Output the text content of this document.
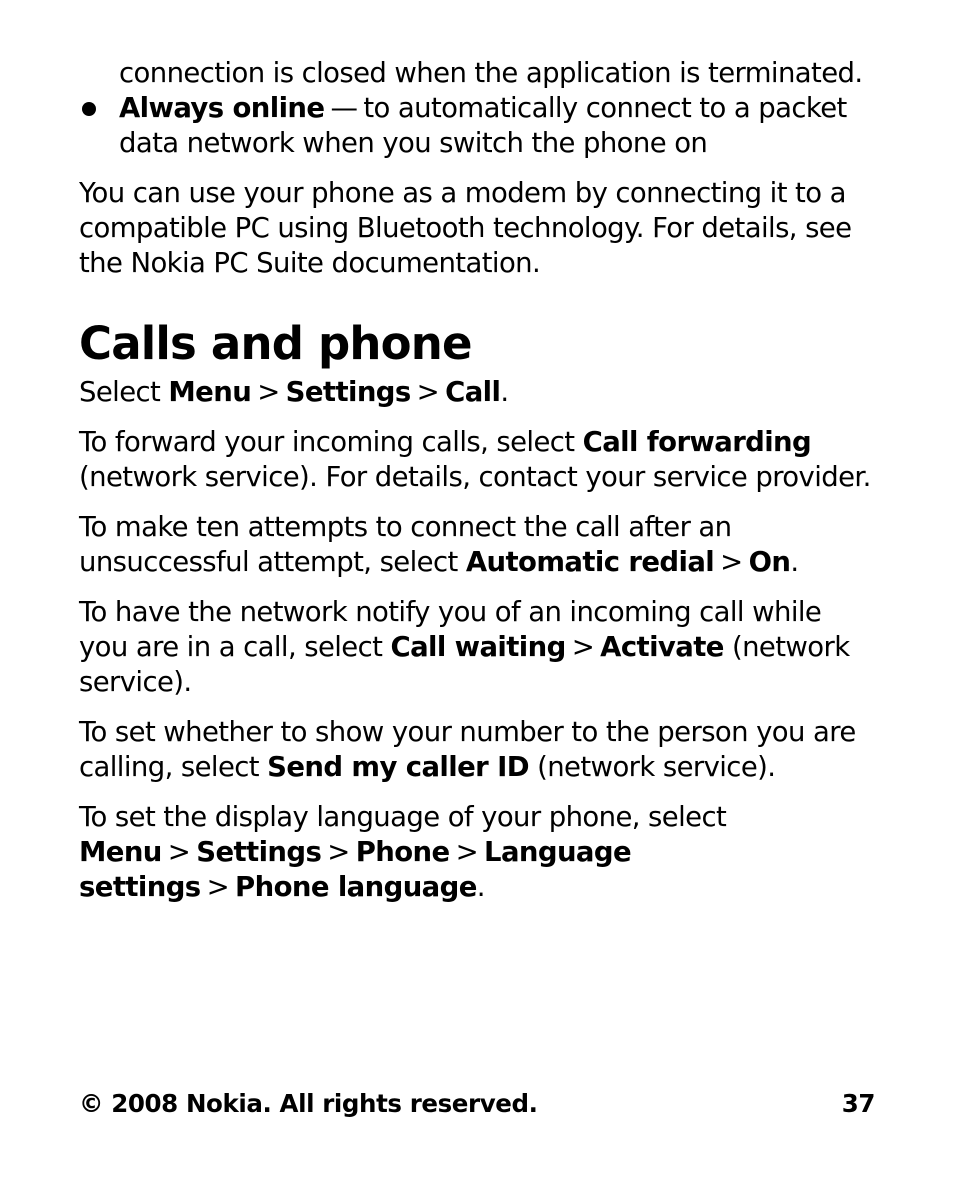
connection is closed when the application is terminated.

Always online — to automatically connect to a packet data network when you switch the phone on

You can use your phone as a modem by connecting it to a compatible PC using Bluetooth technology. For details, see the Nokia PC Suite documentation.

Calls and phone

Select Menu > Settings > Call.

To forward your incoming calls, select Call forwarding (network service). For details, contact your service provider.

To make ten attempts to connect the call after an unsuccessful attempt, select Automatic redial > On.

To have the network notify you of an incoming call while you are in a call, select Call waiting > Activate (network service).

To set whether to show your number to the person you are calling, select Send my caller ID (network service).

To set the display language of your phone, select Menu > Settings > Phone > Language settings > Phone language.

© 2008 Nokia. All rights reserved.	37
